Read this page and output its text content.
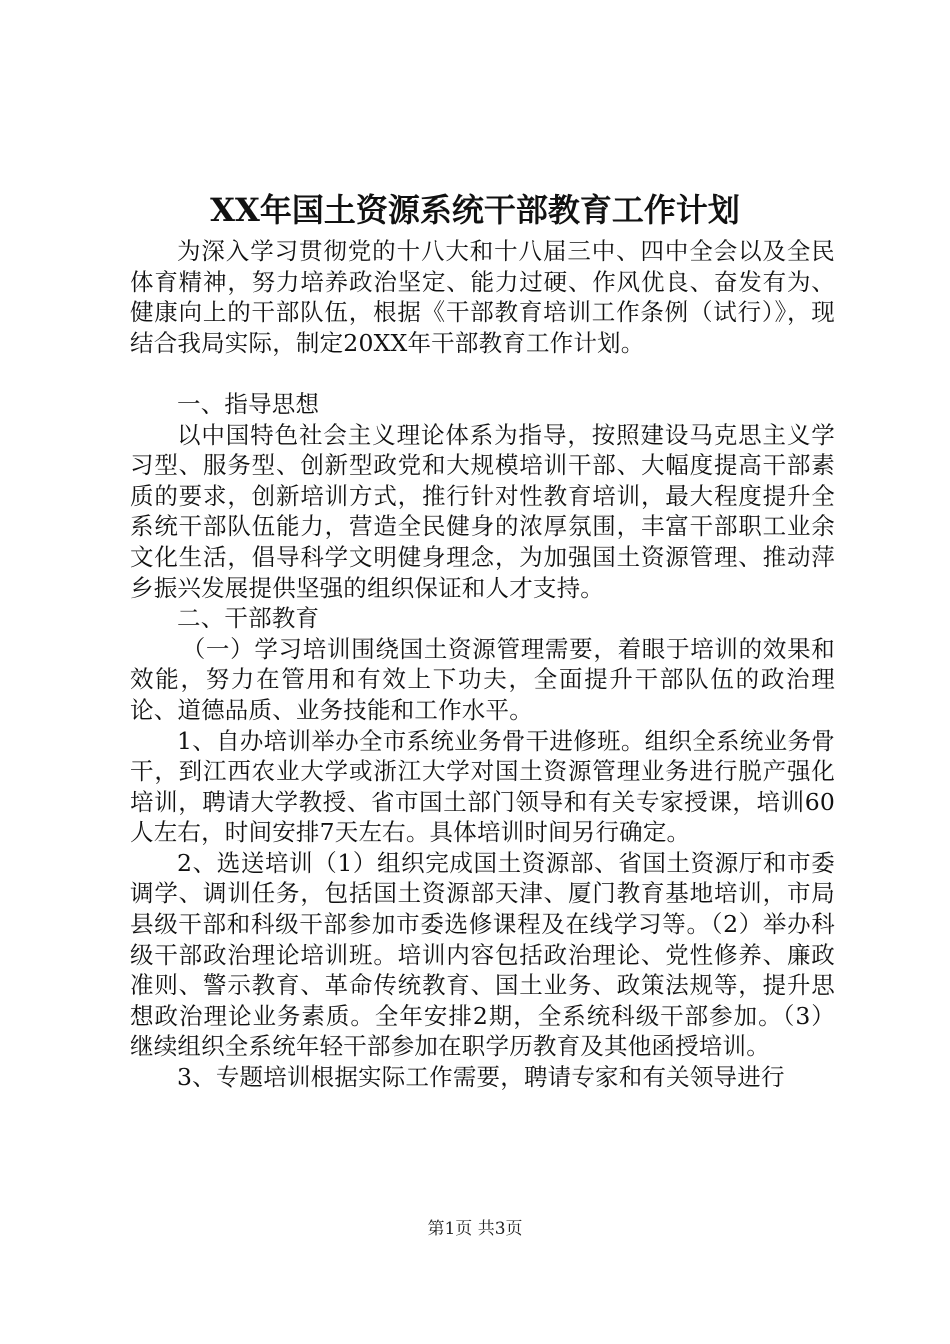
XX年国土资源系统干部教育工作计划

为深入学习贯彻党的十八大和十八届三中、四中全会以及全民体育精神，努力培养政治坚定、能力过硬、作风优良、奋发有为、健康向上的干部队伍，根据《干部教育培训工作条例（试行）》，现结合我局实际，制定20XX年干部教育工作计划。

一、指导思想

以中国特色社会主义理论体系为指导，按照建设马克思主义学习型、服务型、创新型政党和大规模培训干部、大幅度提高干部素质的要求，创新培训方式，推行针对性教育培训，最大程度提升全系统干部队伍能力，营造全民健身的浓厚氛围，丰富干部职工业余文化生活，倡导科学文明健身理念，为加强国土资源管理、推动萍乡振兴发展提供坚强的组织保证和人才支持。

二、干部教育

（一）学习培训围绕国土资源管理需要，着眼于培训的效果和效能，努力在管用和有效上下功夫，全面提升干部队伍的政治理论、道德品质、业务技能和工作水平。

1、自办培训举办全市系统业务骨干进修班。组织全系统业务骨干，到江西农业大学或浙江大学对国土资源管理业务进行脱产强化培训，聘请大学教授、省市国土部门领导和有关专家授课，培训60人左右，时间安排7天左右。具体培训时间另行确定。

2、选送培训（1）组织完成国土资源部、省国土资源厅和市委调学、调训任务，包括国土资源部天津、厦门教育基地培训，市局县级干部和科级干部参加市委选修课程及在线学习等。（2）举办科级干部政治理论培训班。培训内容包括政治理论、党性修养、廉政准则、警示教育、革命传统教育、国土业务、政策法规等，提升思想政治理论业务素质。全年安排2期，全系统科级干部参加。（3）继续组织全系统年轻干部参加在职学历教育及其他函授培训。

3、专题培训根据实际工作需要，聘请专家和有关领导进行

第1页 共3页
